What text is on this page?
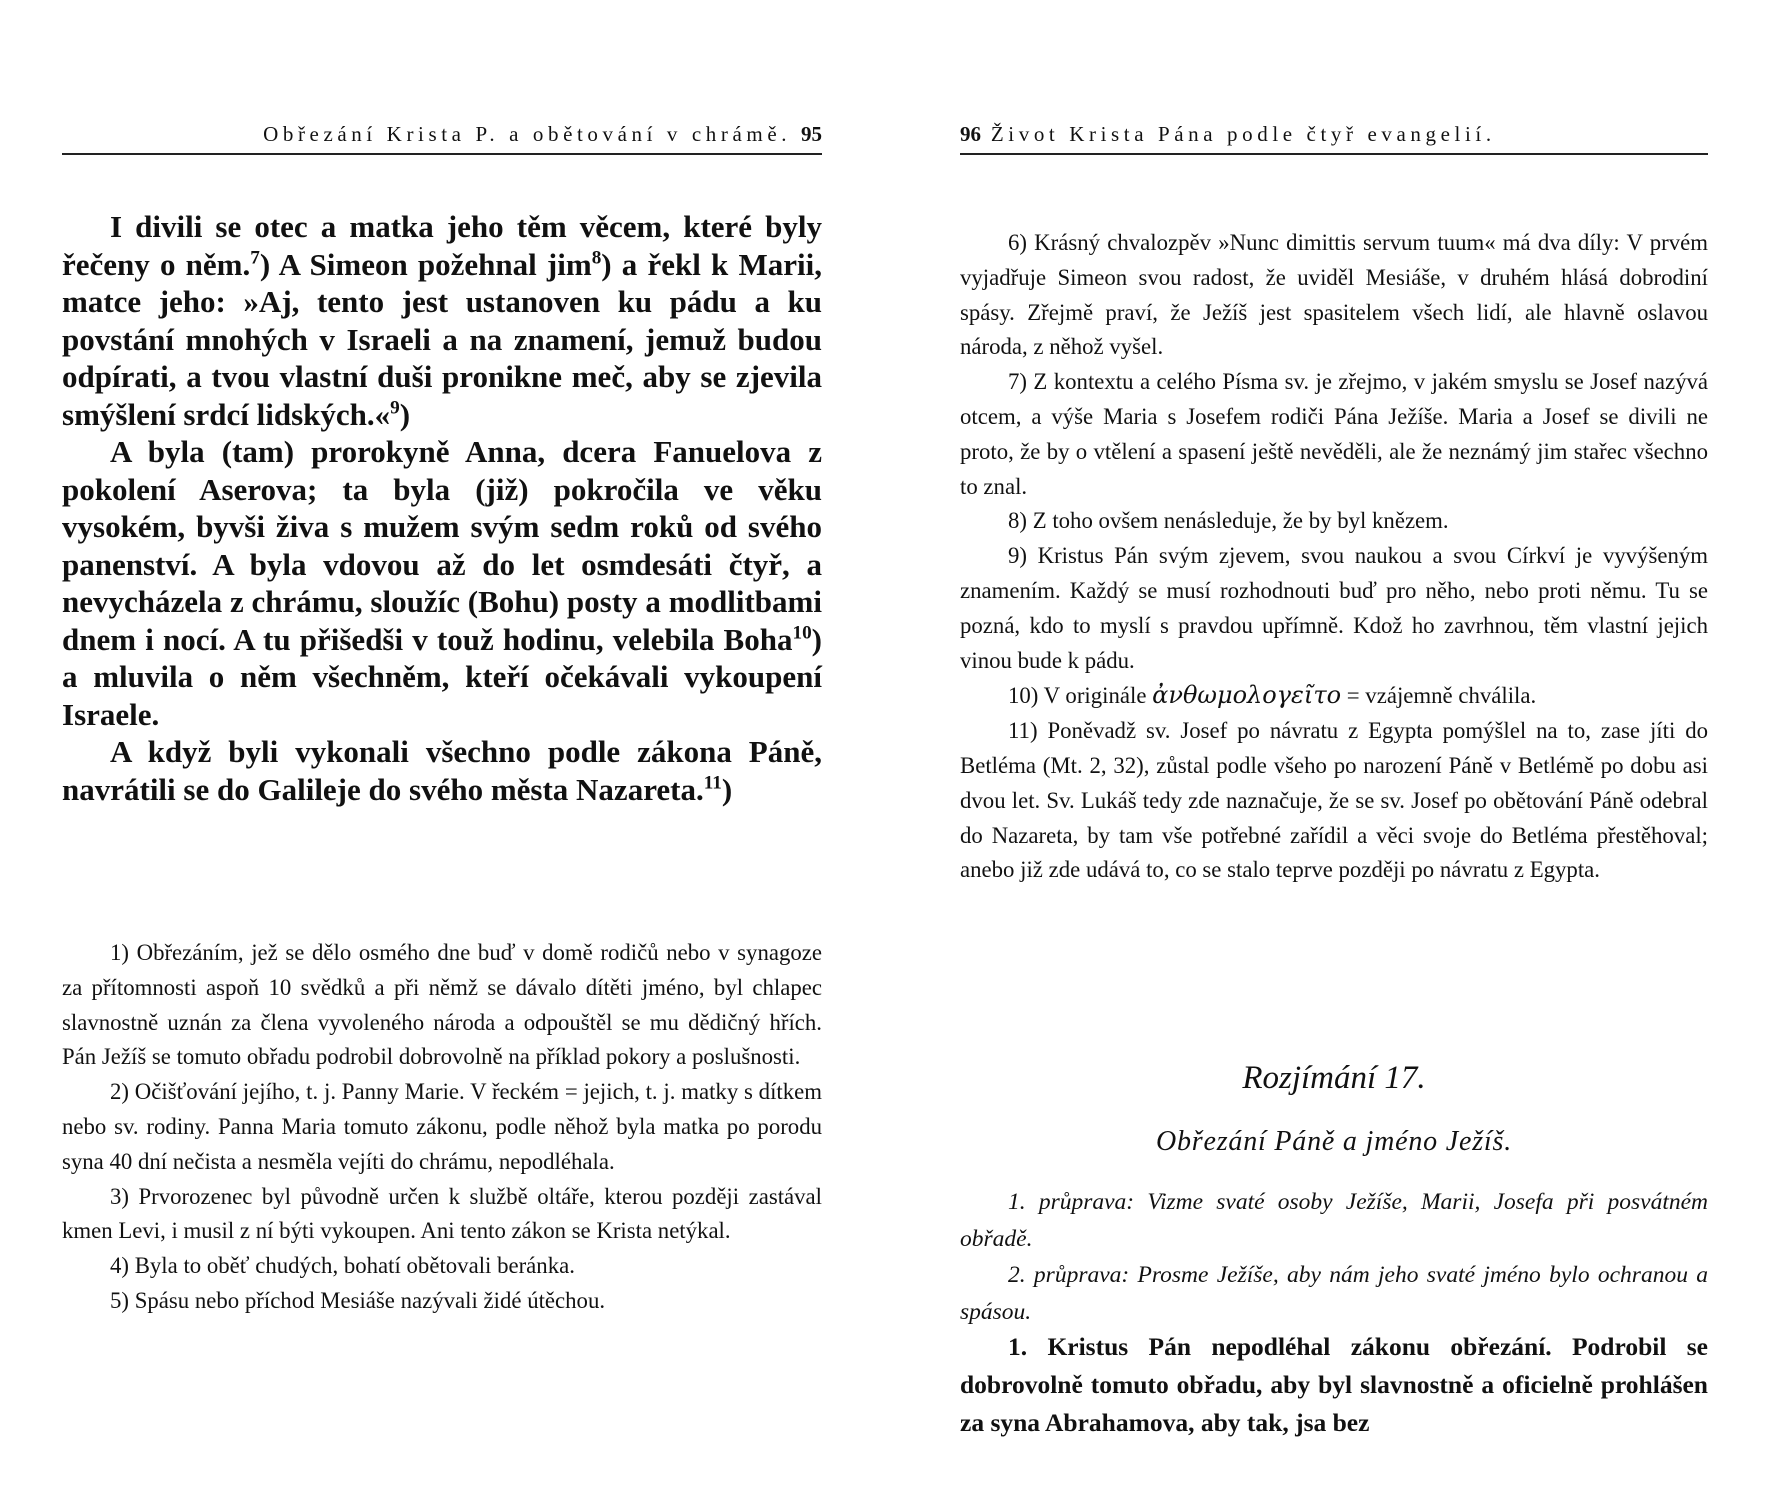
Obřezání Krista P. a obětování v chrámě. 95

I divili se otec a matka jeho těm věcem, které byly řečeny o něm.$^7$) A Simeon požehnal jim$^8$) a řekl k Marii, matce jeho: »Aj, tento jest ustanoven ku pádu a ku povstání mnohých v Israeli a na znamení, jemuž budou odpírati, a tvou vlastní duši pronikne meč, aby se zjevila smýšlení srdcí lidských.«$^9$)

A byla (tam) prorokyně Anna, dcera Fanuelova z pokolení Aserova; ta byla (již) pokročila ve věku vysokém, byvši živa s mužem svým sedm roků od svého panenství. A byla vdovou až do let osmdesáti čtyř, a nevycházela z chrámu, sloužíc (Bohu) posty a modlitbami dnem i nocí. A tu přišedši v touž hodinu, velebila Boha$^{10}$) a mluvila o něm všechněm, kteří očekávali vykoupení Israele.

A když byli vykonali všechno podle zákona Páně, navrátili se do Galileje do svého města Nazareta.$^{11}$)

1) Obřezáním, jež se dělo osmého dne buď v domě rodičů nebo v synagoze za přítomnosti aspoň 10 svědků a při němž se dávalo dítěti jméno, byl chlapec slavnostně uznán za člena vyvoleného národa a odpouštěl se mu dědičný hřích. Pán Ježíš se tomuto obřadu podrobil dobrovolně na příklad pokory a poslušnosti.

2) Očišťování jejího, t. j. Panny Marie. V řeckém = jejich, t. j. matky s dítkem nebo sv. rodiny. Panna Maria tomuto zákonu, podle něhož byla matka po porodu syna 40 dní nečista a nesměla vejíti do chrámu, nepodléhala.

3) Prvorozenec byl původně určen k službě oltáře, kterou později zastával kmen Levi, i musil z ní býti vykoupen. Ani tento zákon se Krista netýkal.

4) Byla to oběť chudých, bohatí obětovali beránka.

5) Spásu nebo příchod Mesiáše nazývali židé útěchou.

96 Život Krista Pána podle čtyř evangelií.

6) Krásný chvalozpěv »Nunc dimittis servum tuum« má dva díly: V prvém vyjadřuje Simeon svou radost, že uviděl Mesiáše, v druhém hlásá dobrodiní spásy. Zřejmě praví, že Ježíš jest spasitelem všech lidí, ale hlavně oslavou národa, z něhož vyšel.

7) Z kontextu a celého Písma sv. je zřejmo, v jakém smyslu se Josef nazývá otcem, a výše Maria s Josefem rodiči Pána Ježíše. Maria a Josef se divili ne proto, že by o vtělení a spasení ještě nevěděli, ale že neznámý jim stařec všechno to znal.

8) Z toho ovšem nenásleduje, že by byl knězem.

9) Kristus Pán svým zjevem, svou naukou a svou Církví je vyvýšeným znamením. Každý se musí rozhodnouti buď pro něho, nebo proti němu. Tu se pozná, kdo to myslí s pravdou upřímně. Kdož ho zavrhnou, těm vlastní jejich vinou bude k pádu.

10) V originále ἀνθωμολογεῖτο = vzájemně chválila.

11) Poněvadž sv. Josef po návratu z Egypta pomýšlel na to, zase jíti do Betléma (Mt. 2, 32), zůstal podle všeho po narození Páně v Betlémě po dobu asi dvou let. Sv. Lukáš tedy zde naznačuje, že se sv. Josef po obětování Páně odebral do Nazareta, by tam vše potřebné zařídil a věci svoje do Betléma přestěhoval; anebo již zde udává to, co se stalo teprve později po návratu z Egypta.

Rozjímání 17.
Obřezání Páně a jméno Ježíš.

1. průprava: Vizme svaté osoby Ježíše, Marii, Josefa při posvátném obřadě.

2. průprava: Prosme Ježíše, aby nám jeho svaté jméno bylo ochranou a spásou.

1. Kristus Pán nepodléhal zákonu obřezání. Podrobil se dobrovolně tomuto obřadu, aby byl slavnostně a oficielně prohlášen za syna Abrahamova, aby tak, jsa bez
